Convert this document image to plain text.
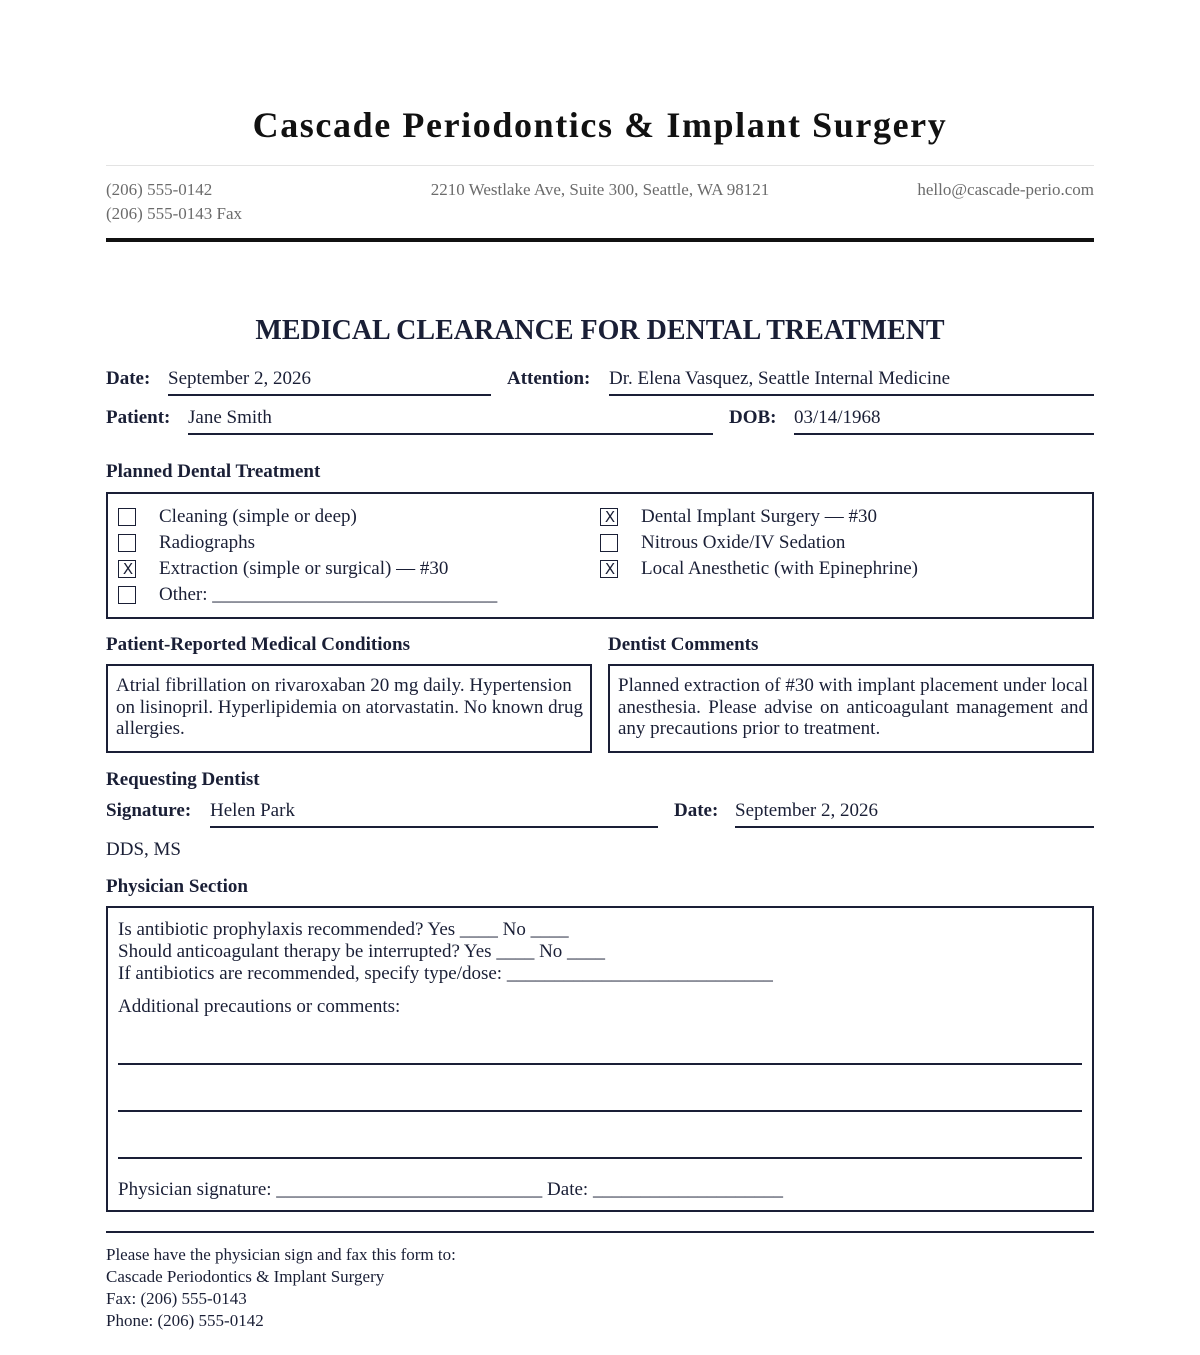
Cascade Periodontics & Implant Surgery
(206) 555-0142
(206) 555-0143 Fax
2210 Westlake Ave, Suite 300, Seattle, WA 98121	hello@cascade-perio.com
MEDICAL CLEARANCE FOR DENTAL TREATMENT
Date: September 2, 2026	Attention: Dr. Elena Vasquez, Seattle Internal Medicine
Patient: Jane Smith	DOB: 03/14/1968
Planned Dental Treatment
Cleaning (simple or deep)
Radiographs
X Extraction (simple or surgical) — #30
Other: ______________________________
X Dental Implant Surgery — #30
Nitrous Oxide/IV Sedation
X Local Anesthetic (with Epinephrine)
Patient-Reported Medical Conditions	Dentist Comments
Atrial fibrillation on rivaroxaban 20 mg daily. Hypertension on lisinopril. Hyperlipidemia on atorvastatin. No known drug allergies.
Planned extraction of #30 with implant placement under local anesthesia. Please advise on anticoagulant management and any precautions prior to treatment.
Requesting Dentist
Signature: Helen Park	Date: September 2, 2026
DDS, MS
Physician Section
Is antibiotic prophylaxis recommended? Yes ____ No ____
Should anticoagulant therapy be interrupted? Yes ____ No ____
If antibiotics are recommended, specify type/dose: ____________________________
Additional precautions or comments:
Physician signature: ____________________________ Date: ____________________
Please have the physician sign and fax this form to:
Cascade Periodontics & Implant Surgery
Fax: (206) 555-0143
Phone: (206) 555-0142
